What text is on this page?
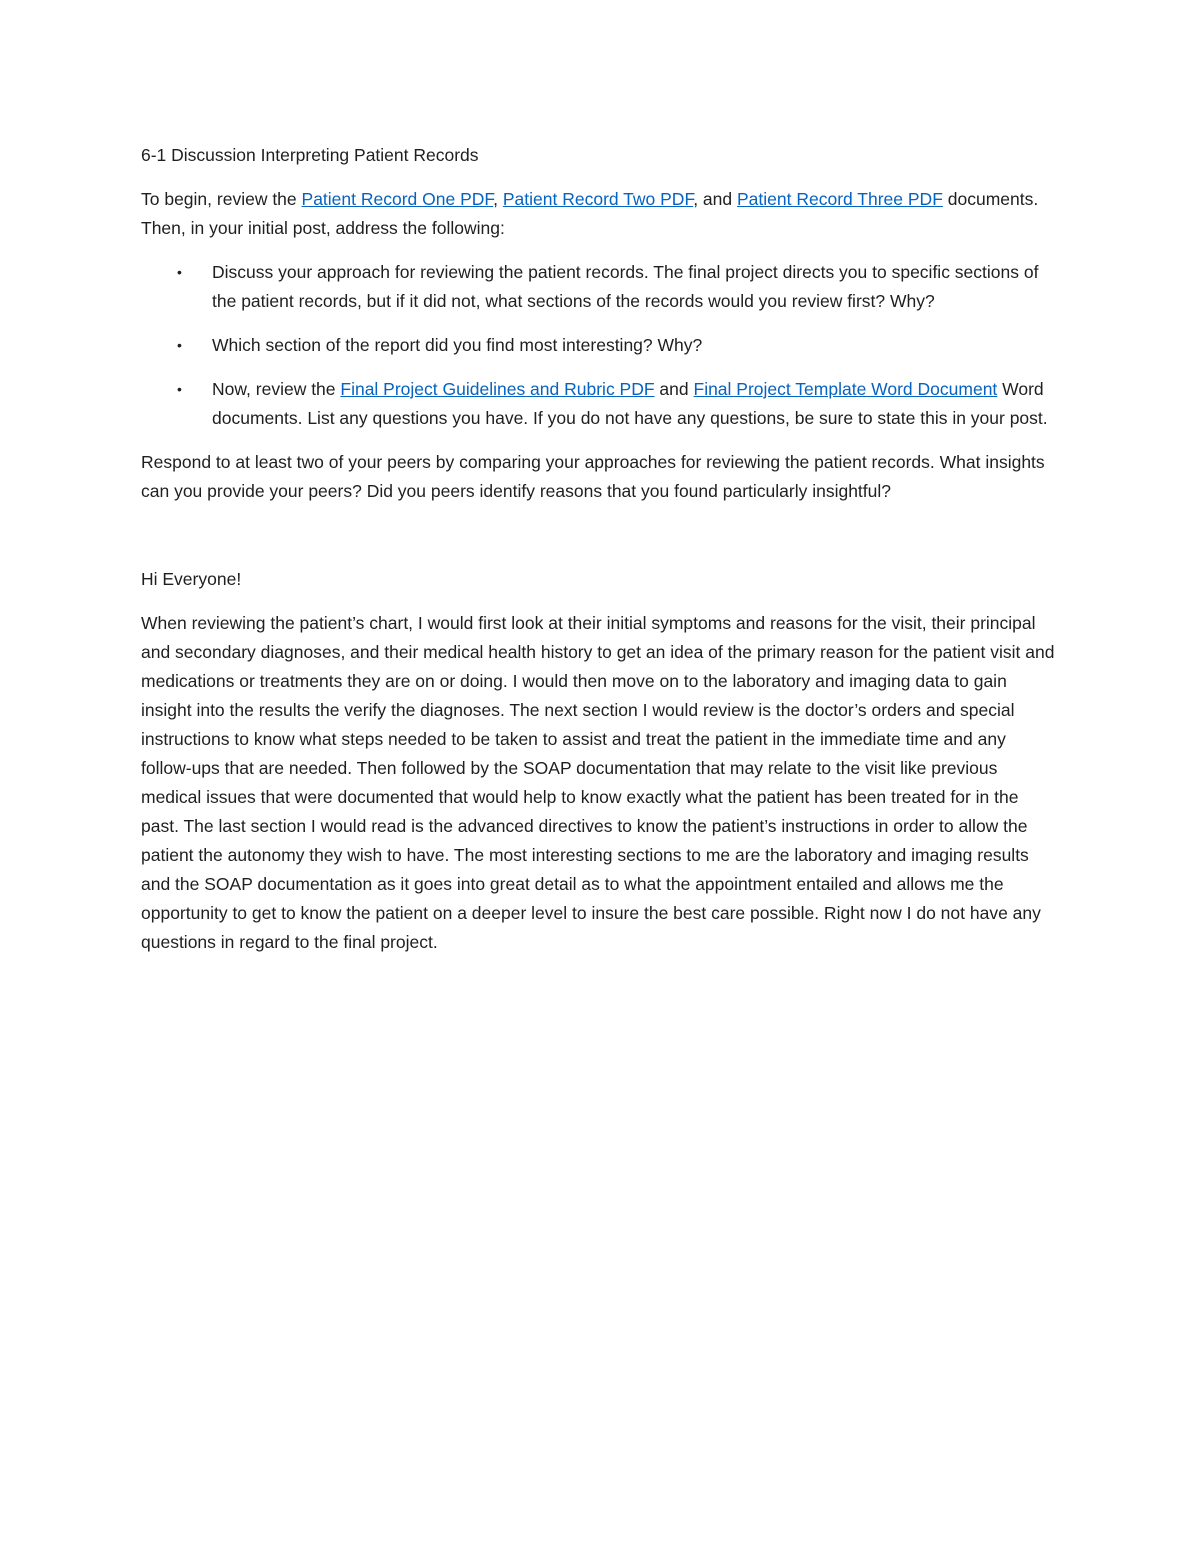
6-1 Discussion Interpreting Patient Records

To begin, review the Patient Record One PDF, Patient Record Two PDF, and Patient Record Three PDF documents. Then, in your initial post, address the following:

• Discuss your approach for reviewing the patient records. The final project directs you to specific sections of the patient records, but if it did not, what sections of the records would you review first? Why?
• Which section of the report did you find most interesting? Why?
• Now, review the Final Project Guidelines and Rubric PDF and Final Project Template Word Document Word documents. List any questions you have. If you do not have any questions, be sure to state this in your post.

Respond to at least two of your peers by comparing your approaches for reviewing the patient records. What insights can you provide your peers? Did you peers identify reasons that you found particularly insightful?

Hi Everyone!

When reviewing the patient’s chart, I would first look at their initial symptoms and reasons for the visit, their principal and secondary diagnoses, and their medical health history to get an idea of the primary reason for the patient visit and medications or treatments they are on or doing. I would then move on to the laboratory and imaging data to gain insight into the results the verify the diagnoses. The next section I would review is the doctor’s orders and special instructions to know what steps needed to be taken to assist and treat the patient in the immediate time and any follow-ups that are needed. Then followed by the SOAP documentation that may relate to the visit like previous medical issues that were documented that would help to know exactly what the patient has been treated for in the past. The last section I would read is the advanced directives to know the patient’s instructions in order to allow the patient the autonomy they wish to have. The most interesting sections to me are the laboratory and imaging results and the SOAP documentation as it goes into great detail as to what the appointment entailed and allows me the opportunity to get to know the patient on a deeper level to insure the best care possible. Right now I do not have any questions in regard to the final project.
